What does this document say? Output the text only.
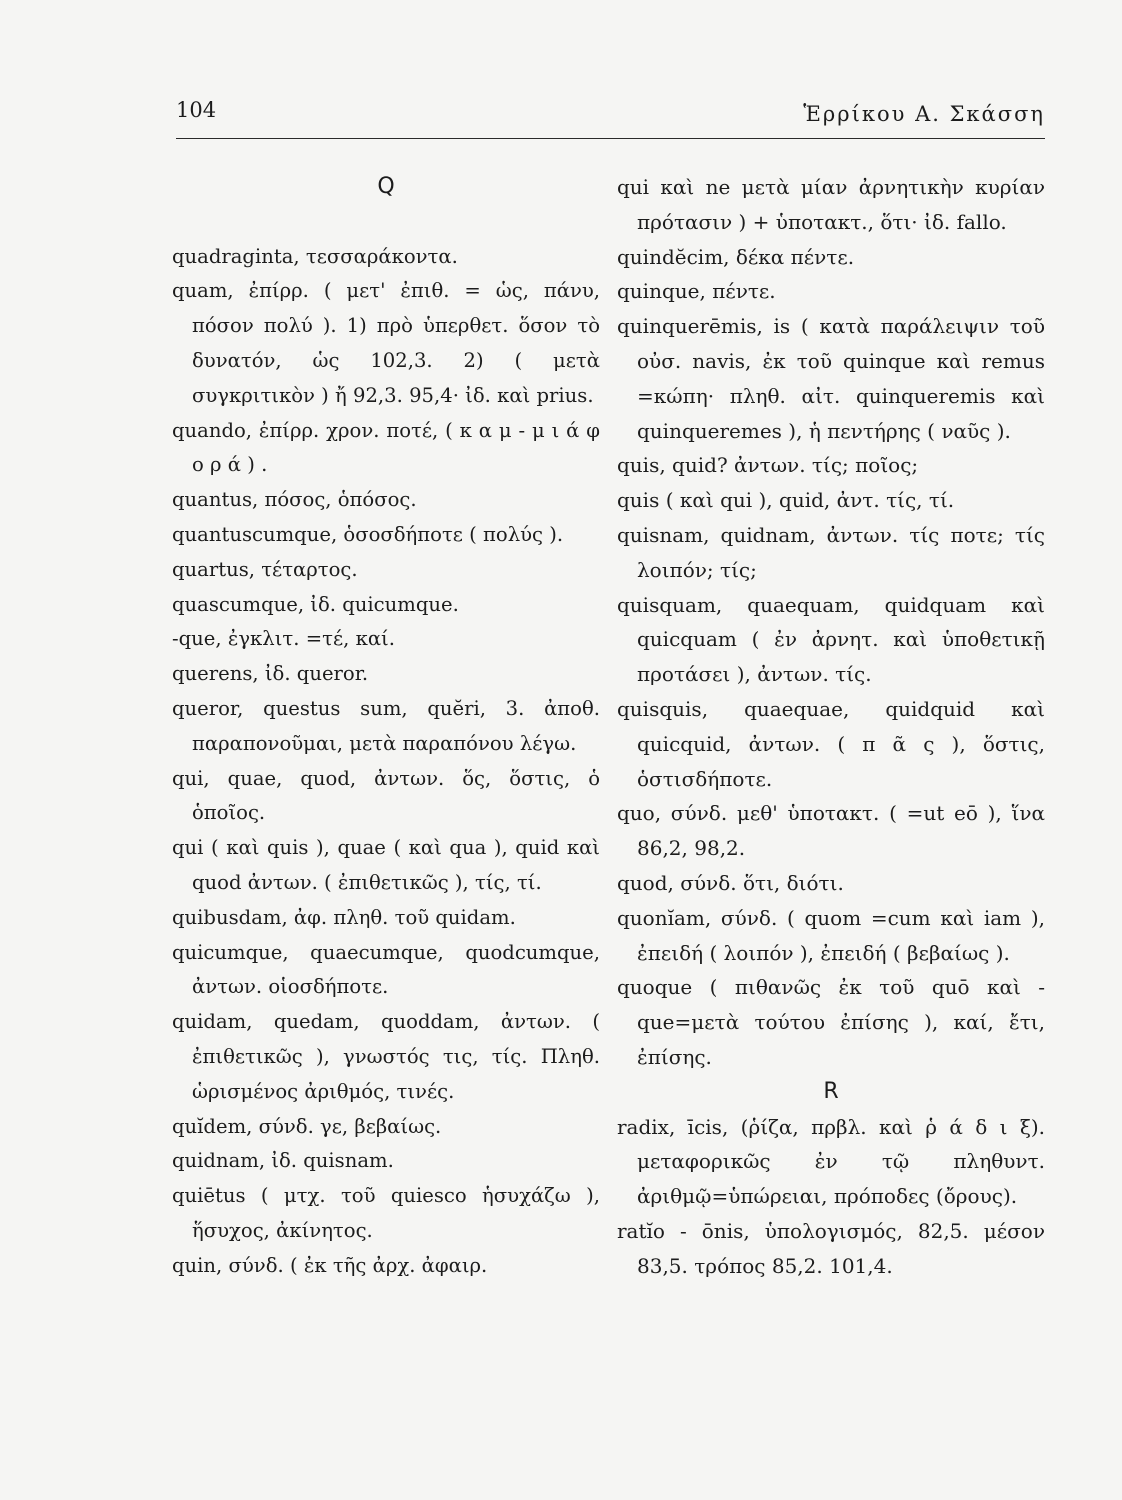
104	Ἑρρίκου Α. Σκάσση
Q

quadraginta, τεσσαράκοντα.

quam, ἐπίρρ. ( μετ' ἐπιθ. = ὡς, πάνυ, πόσον πολύ ). 1) πρὸ ὑπερθετ. ὅσον τὸ δυνατόν, ὡς 102,3. 2) ( μετὰ συγκριτικὸν ) ἤ 92,3. 95,4· ἰδ. καὶ prius.

quando, ἐπίρρ. χρον. ποτέ, ( κ α μ - μ ι ά φ ο ρ ά ) .

quantus, πόσος, ὁπόσος.

quantuscumque, ὁσοσδήποτε ( πολύς ).

quartus, τέταρτος.

quascumque, ἰδ. quicumque.

-que, ἐγκλιτ. =τέ, καί.

querens, ἰδ. queror.

queror, questus sum, quĕri, 3. ἀποθ. παραπονοῦμαι, μετὰ παραπόνου λέγω.

qui, quae, quod, ἀντων. ὅς, ὅστις, ὁ ὁποῖος.

qui ( καὶ quis ), quae ( καὶ qua ), quid καὶ quod ἀντων. ( ἐπιθετικῶς ), τίς, τί.

quibusdam, ἀφ. πληθ. τοῦ quidam.

quicumque, quaecumque, quodcumque, ἀντων. οἱοσδήποτε.

quidam, quedam, quoddam, ἀντων. ( ἐπιθετικῶς ), γνωστός τις, τίς. Πληθ. ὡρισμένος ἀριθμός, τινές.

quĭdem, σύνδ. γε, βεβαίως.

quidnam, ἰδ. quisnam.

quiētus ( μτχ. τοῦ quiesco ἡσυχάζω ), ἥσυχος, ἀκίνητος.

quin, σύνδ. ( ἐκ τῆς ἀρχ. ἀφαιρ.

qui καὶ ne μετὰ μίαν ἀρνητικὴν κυρίαν πρότασιν ) + ὑποτακτ., ὅτι· ἰδ. fallo.

quindĕcim, δέκα πέντε.

quinque, πέντε.

quinquerēmis, is ( κατὰ παράλειψιν τοῦ οὐσ. navis, ἐκ τοῦ quinque καὶ remus =κώπη· πληθ. αἰτ. quinqueremis καὶ quinqueremes ), ἡ πεντήρης ( ναῦς ).

quis, quid? ἀντων. τίς; ποῖος;

quis ( καὶ qui ), quid, ἀντ. τίς, τί.

quisnam, quidnam, ἀντων. τίς ποτε; τίς λοιπόν; τίς;

quisquam, quaequam, quidquam καὶ quicquam ( ἐν ἀρνητ. καὶ ὑποθετικῇ προτάσει ), ἀντων. τίς.

quisquis, quaequae, quidquid καὶ quicquid, ἀντων. ( π ᾶ ς ), ὅστις, ὁστισδήποτε.

quo, σύνδ. μεθ' ὑποτακτ. ( =ut eō ), ἵνα 86,2, 98,2.

quod, σύνδ. ὅτι, διότι.

quonĭam, σύνδ. ( quom =cum καὶ iam ), ἐπειδή ( λοιπόν ), ἐπειδή ( βεβαίως ).

quoque ( πιθανῶς ἐκ τοῦ quō καὶ -que=μετὰ τούτου ἐπίσης ), καί, ἔτι, ἐπίσης.

R

radix, īcis, (ῥίζα, πρβλ. καὶ ῥ ά δ ι ξ). μεταφορικῶς ἐν τῷ πληθυντ. ἀριθμῷ=ὑπώρειαι, πρόποδες (ὄρους).

ratĭo - ōnis, ὑπολογισμός, 82,5. μέσον 83,5. τρόπος 85,2. 101,4.
